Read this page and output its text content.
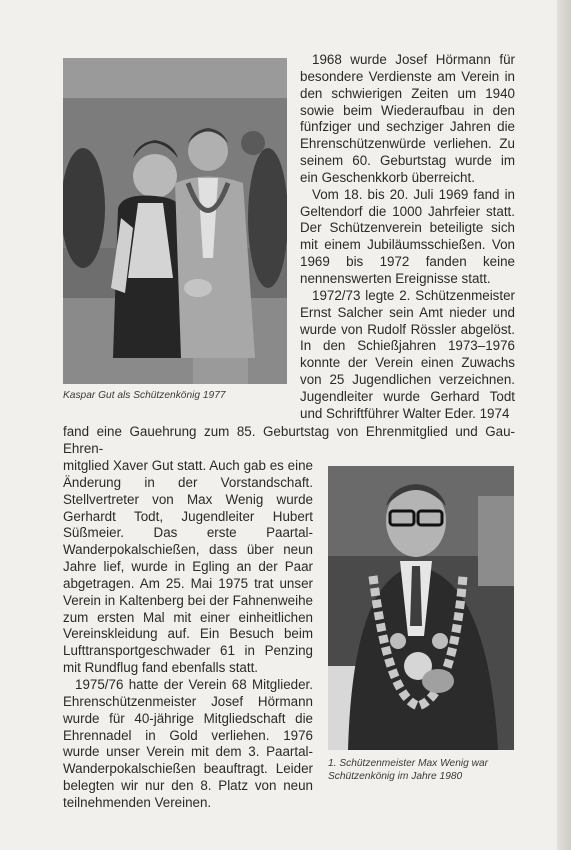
Kaspar Gut als Schützenkönig 1977

1968 wurde Josef Hörmann für besondere Verdienste am Verein in den schwierigen Zeiten um 1940 sowie beim Wiederaufbau in den fünfziger und sechziger Jahren die Ehrenschützenwürde verliehen. Zu seinem 60. Geburtstag wurde im ein Geschenkkorb überreicht.

Vom 18. bis 20. Juli 1969 fand in Geltendorf die 1000 Jahrfeier statt. Der Schützenverein beteiligte sich mit einem Jubiläumsschießen. Von 1969 bis 1972 fanden keine nennenswerten Ereignisse statt.

1972/73 legte 2. Schützenmeister Ernst Salcher sein Amt nieder und wurde von Rudolf Rössler abgelöst. In den Schießjahren 1973–1976 konnte der Verein einen Zuwachs von 25 Jugendlichen verzeichnen. Jugendleiter wurde Gerhard Todt und Schriftführer Walter Eder. 1974

fand eine Gauehrung zum 85. Geburtstag von Ehrenmitglied und Gau-Ehren-

mitglied Xaver Gut statt. Auch gab es eine Änderung in der Vorstandschaft. Stellvertreter von Max Wenig wurde Gerhardt Todt, Jugendleiter Hubert Süßmeier. Das erste Paartal-Wanderpokalschießen, dass über neun Jahre lief, wurde in Egling an der Paar abgetragen. Am 25. Mai 1975 trat unser Verein in Kaltenberg bei der Fahnenweihe zum ersten Mal mit einer einheitlichen Vereinskleidung auf. Ein Besuch beim Lufttransportgeschwader 61 in Penzing mit Rundflug fand ebenfalls statt.

1975/76 hatte der Verein 68 Mitglieder. Ehrenschützenmeister Josef Hörmann wurde für 40-jährige Mitgliedschaft die Ehrennadel in Gold verliehen. 1976 wurde unser Verein mit dem 3. Paartal-Wanderpokalschießen beauftragt. Leider belegten wir nur den 8. Platz von neun teilnehmenden Vereinen.

1. Schützenmeister Max Wenig war Schützenkönig im Jahre 1980
